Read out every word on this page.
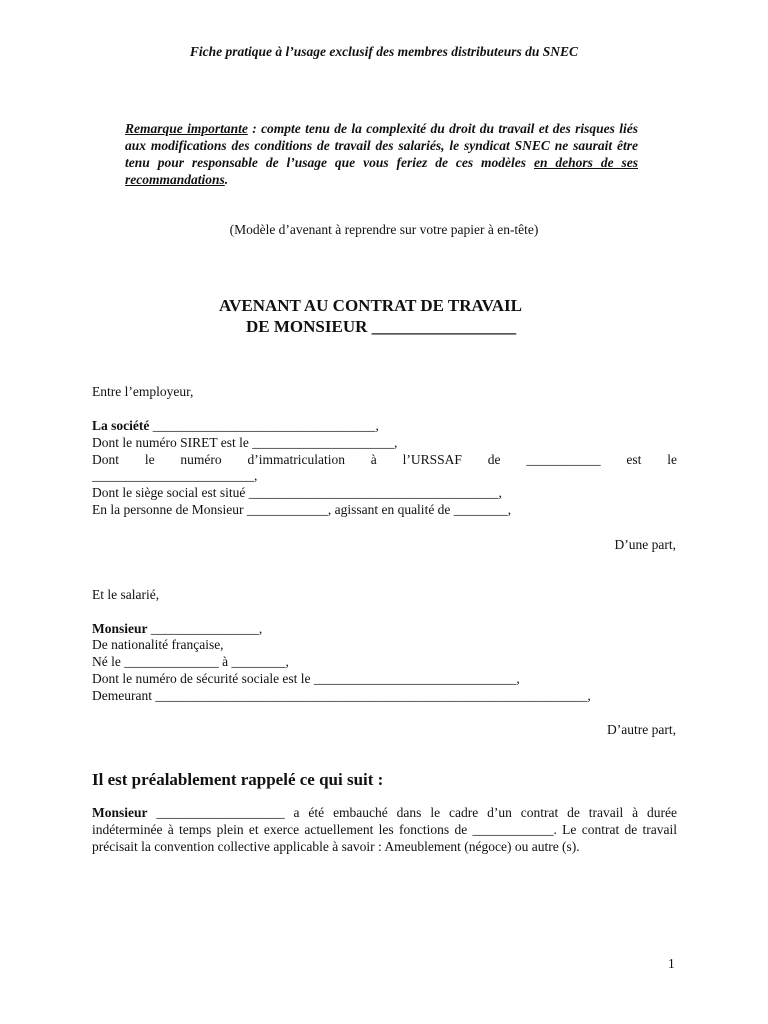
Fiche pratique à l’usage exclusif des membres distributeurs du SNEC
Remarque importante : compte tenu de la complexité du droit du travail et des risques liés aux modifications des conditions de travail des salariés, le syndicat SNEC ne saurait être tenu pour responsable de l’usage que vous feriez de ces modèles en dehors de ses recommandations.
(Modèle d’avenant à reprendre sur votre papier à en-tête)
AVENANT AU CONTRAT DE TRAVAIL
DE MONSIEUR _________________
Entre l’employeur,
La société _________________________________,
Dont le numéro SIRET est le _____________________,
Dont le numéro d’immatriculation à l’URSSAF de ___________ est le
________________________,
Dont le siège social est situé _____________________________________,
En la personne de Monsieur ____________, agissant en qualité de ________,
D’une part,
Et le salarié,
Monsieur ________________,
De nationalité française,
Né le ______________ à ________,
Dont le numéro de sécurité sociale est le ______________________________,
Demeurant ________________________________________________________________,
D’autre part,
Il est préalablement rappelé ce qui suit :
Monsieur ___________________ a été embauché dans le cadre d’un contrat de travail à durée indéterminée à temps plein et exerce actuellement les fonctions de ____________. Le contrat de travail précisait la convention collective applicable à savoir : Ameublement (négoce) ou autre (s).
1
